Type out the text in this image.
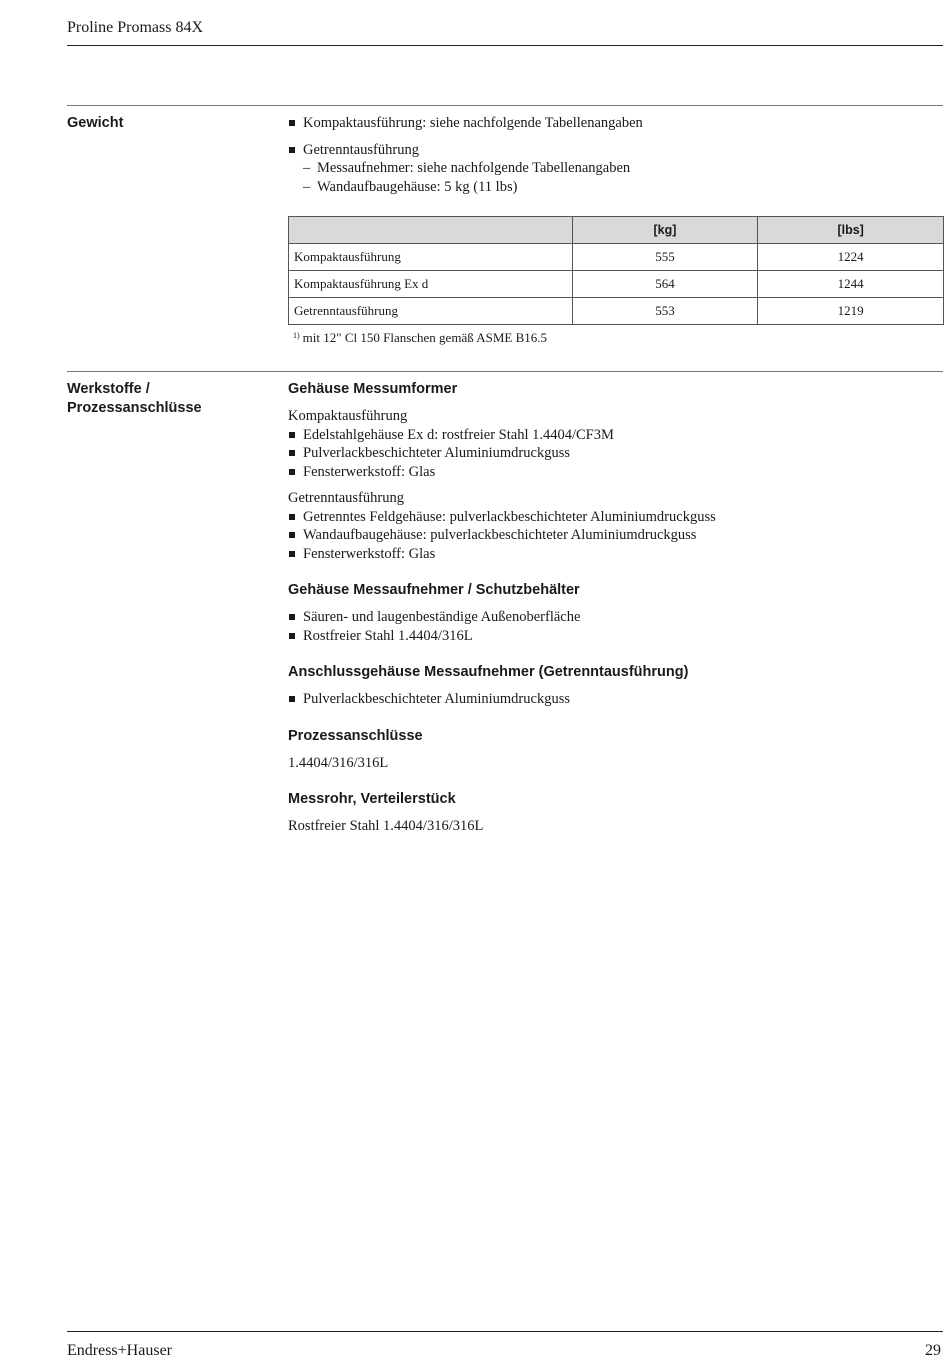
Proline Promass 84X
Gewicht	Kompaktausführung: siehe nachfolgende Tabellenangaben
Getrenntausführung
– Messaufnehmer: siehe nachfolgende Tabellenangaben
– Wandaufbaugehäuse: 5 kg (11 lbs)
	[kg]	[lbs]
Kompaktausführung	555	1224
Kompaktausführung Ex d	564	1244
Getrenntausführung	553	1219
$^{1)}$ mit 12" Cl 150 Flanschen gemäß ASME B16.5
Werkstoffe /
Prozessanschlüsse
Gehäuse Messumformer
Kompaktausführung
Edelstahlgehäuse Ex d: rostfreier Stahl 1.4404/CF3M
Pulverlackbeschichteter Aluminiumdruckguss
Fensterwerkstoff: Glas
Getrenntausführung
Getrenntes Feldgehäuse: pulverlackbeschichteter Aluminiumdruckguss
Wandaufbaugehäuse: pulverlackbeschichteter Aluminiumdruckguss
Fensterwerkstoff: Glas
Gehäuse Messaufnehmer / Schutzbehälter
Säuren- und laugenbeständige Außenoberfläche
Rostfreier Stahl 1.4404/316L
Anschlussgehäuse Messaufnehmer (Getrenntausführung)
Pulverlackbeschichteter Aluminiumdruckguss
Prozessanschlüsse
1.4404/316/316L
Messrohr, Verteilerstück
Rostfreier Stahl 1.4404/316/316L
Endress+Hauser	29
